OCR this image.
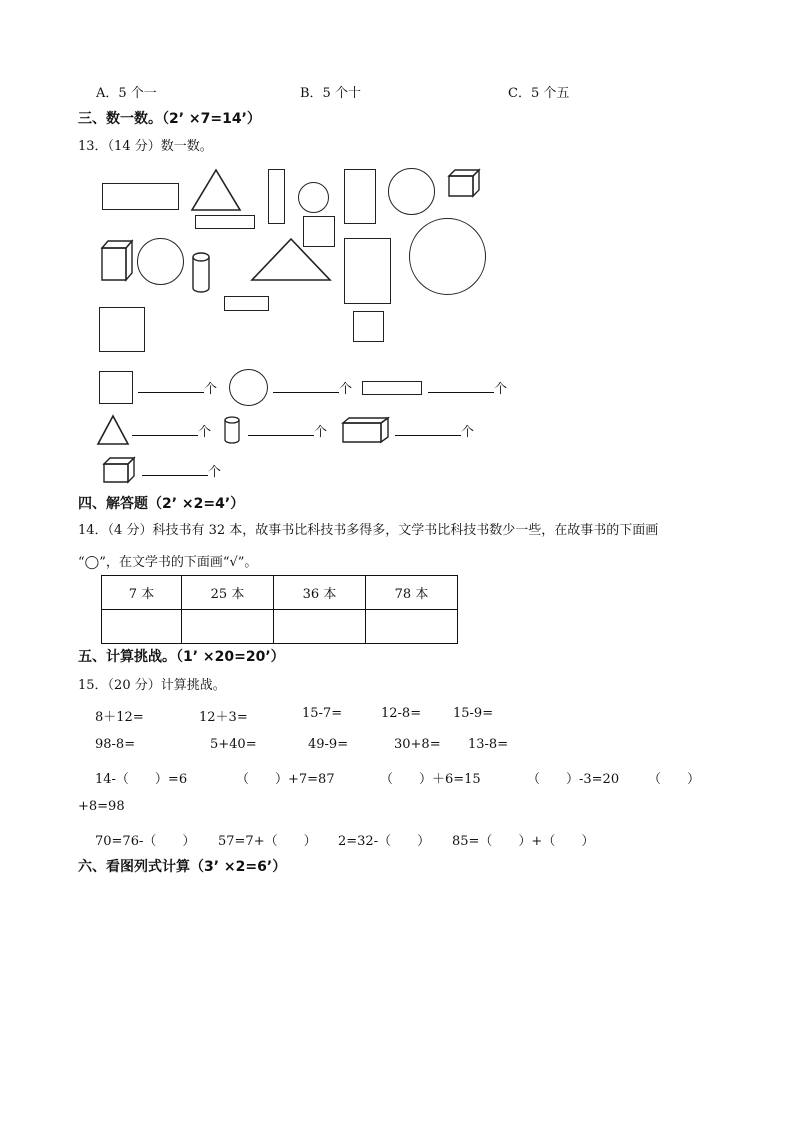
A．5 个一	B．5 个十	C．5 个五
三、数一数。（2’ ×7=14’）
13．（14 分）数一数。
个	个	个
个	个	个
个
四、解答题（2’ ×2=4’）
14．（4 分）科技书有 32 本，故事书比科技书多得多，文学书比科技书数少一些，在故事书的下面画
“◯”，在文学书的下面画“√”。
7 本	25 本	36 本	78 本

五、计算挑战。（1’ ×20=20’）
15．（20 分）计算挑战。
8＋12=	12＋3=	15-7=	12-8= 15-9=
98-8=	5+40=	49-9=	30+8= 13-8=
14-（　　）=6	（　　）+7=87	（　　）＋6=15	（　　）-3=20 （　　）
+8=98
70=76-（　　） 57=7+（　　） 2=32-（　　） 85=（　　）+（　　）
六、看图列式计算（3’ ×2=6’）
